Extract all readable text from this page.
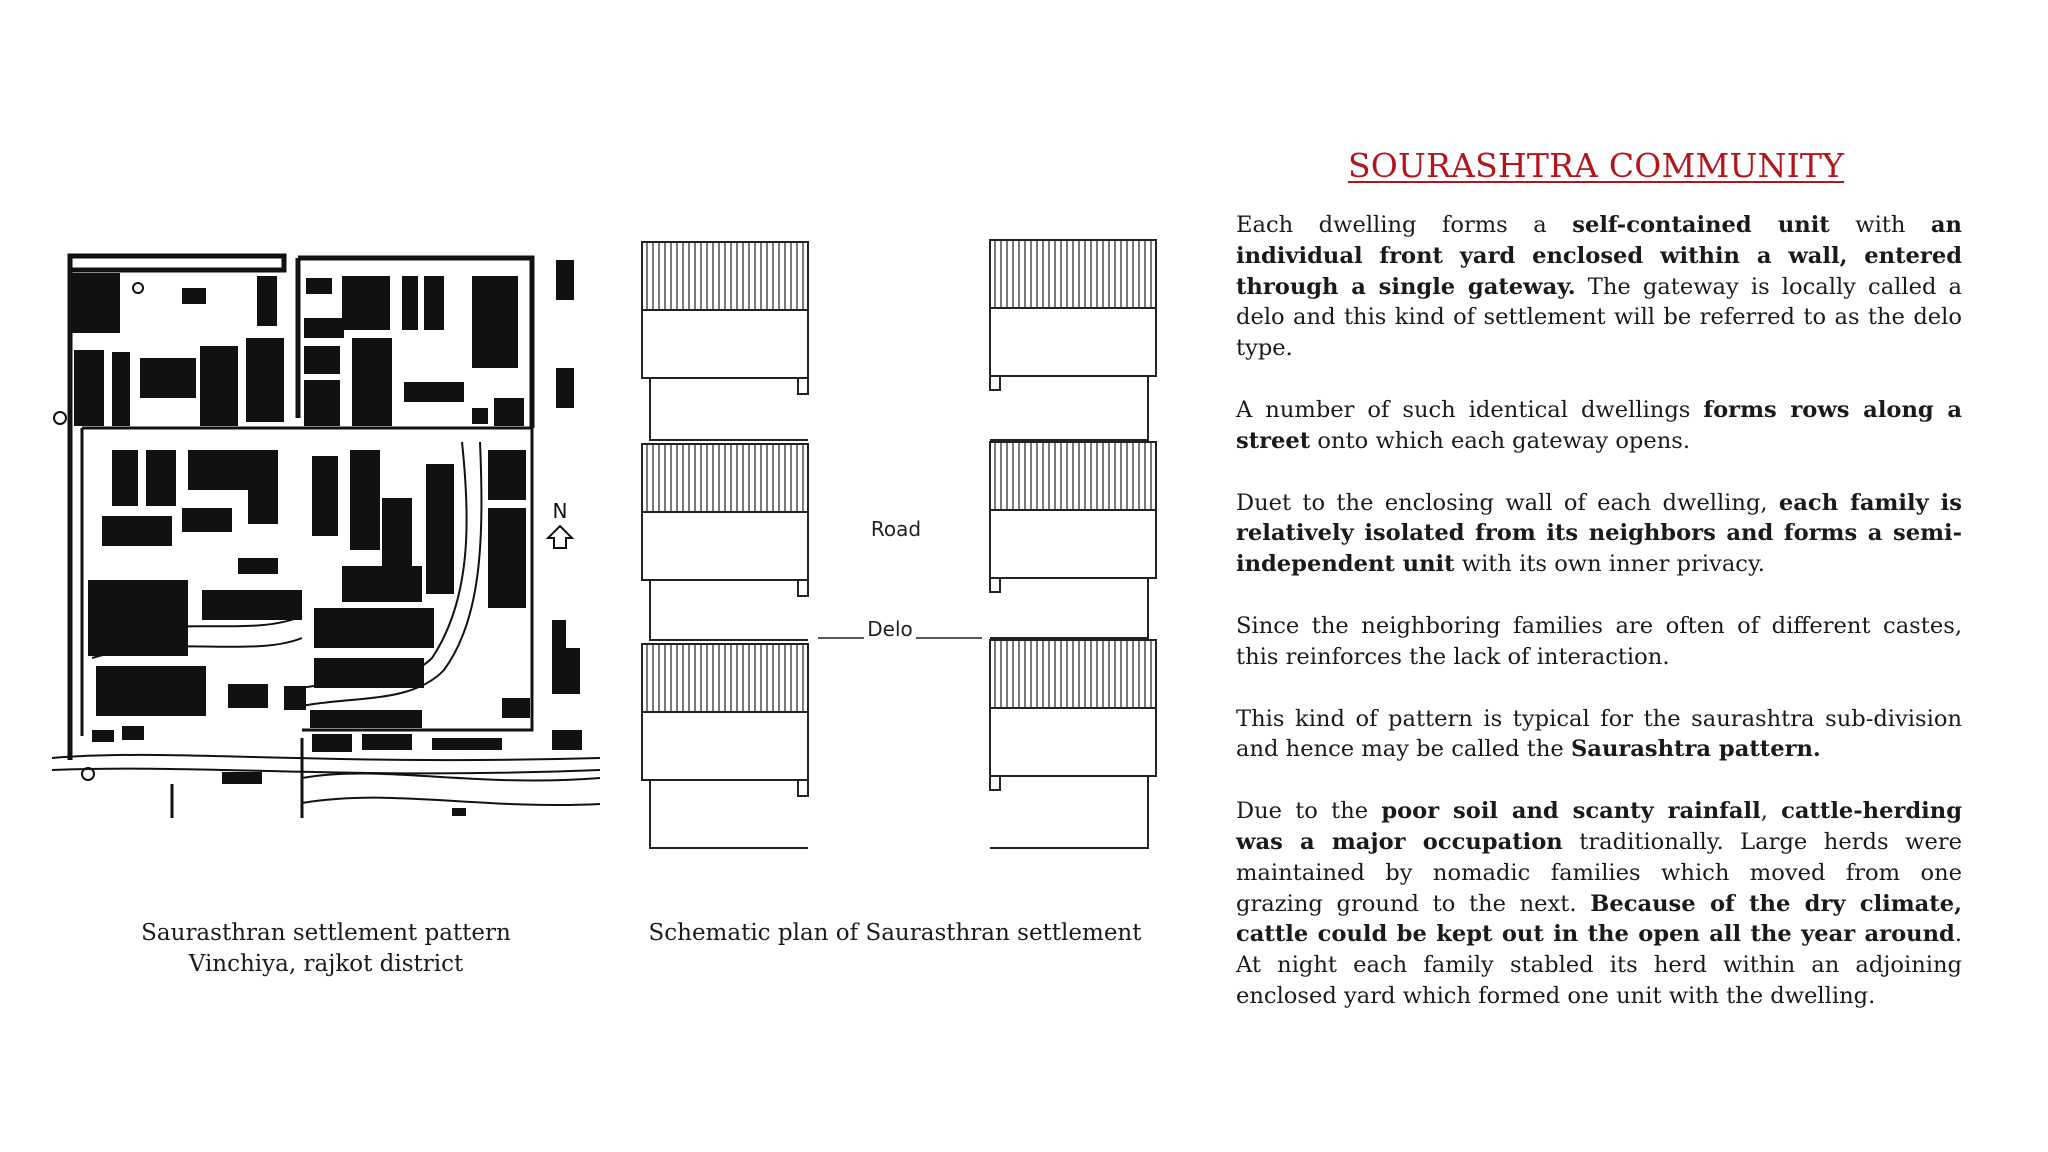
N
Road
Delo
Saurasthran settlement pattern
Vinchiya, rajkot district
Schematic plan of Saurasthran settlement
SOURASHTRA COMMUNITY

Each dwelling forms a self-contained unit with an individual front yard enclosed within a wall, entered through a single gateway. The gateway is locally called a delo and this kind of settlement will be referred to as the delo type.

A number of such identical dwellings forms rows along a street onto which each gateway opens.

Duet to the enclosing wall of each dwelling, each family is relatively isolated from its neighbors and forms a semi-independent unit with its own inner privacy.

Since the neighboring families are often of different castes, this reinforces the lack of interaction.

This kind of pattern is typical for the saurashtra sub-division and hence may be called the Saurashtra pattern.

Due to the poor soil and scanty rainfall, cattle-herding was a major occupation traditionally. Large herds were maintained by nomadic families which moved from one grazing ground to the next. Because of the dry climate, cattle could be kept out in the open all the year around. At night each family stabled its herd within an adjoining enclosed yard which formed one unit with the dwelling.
